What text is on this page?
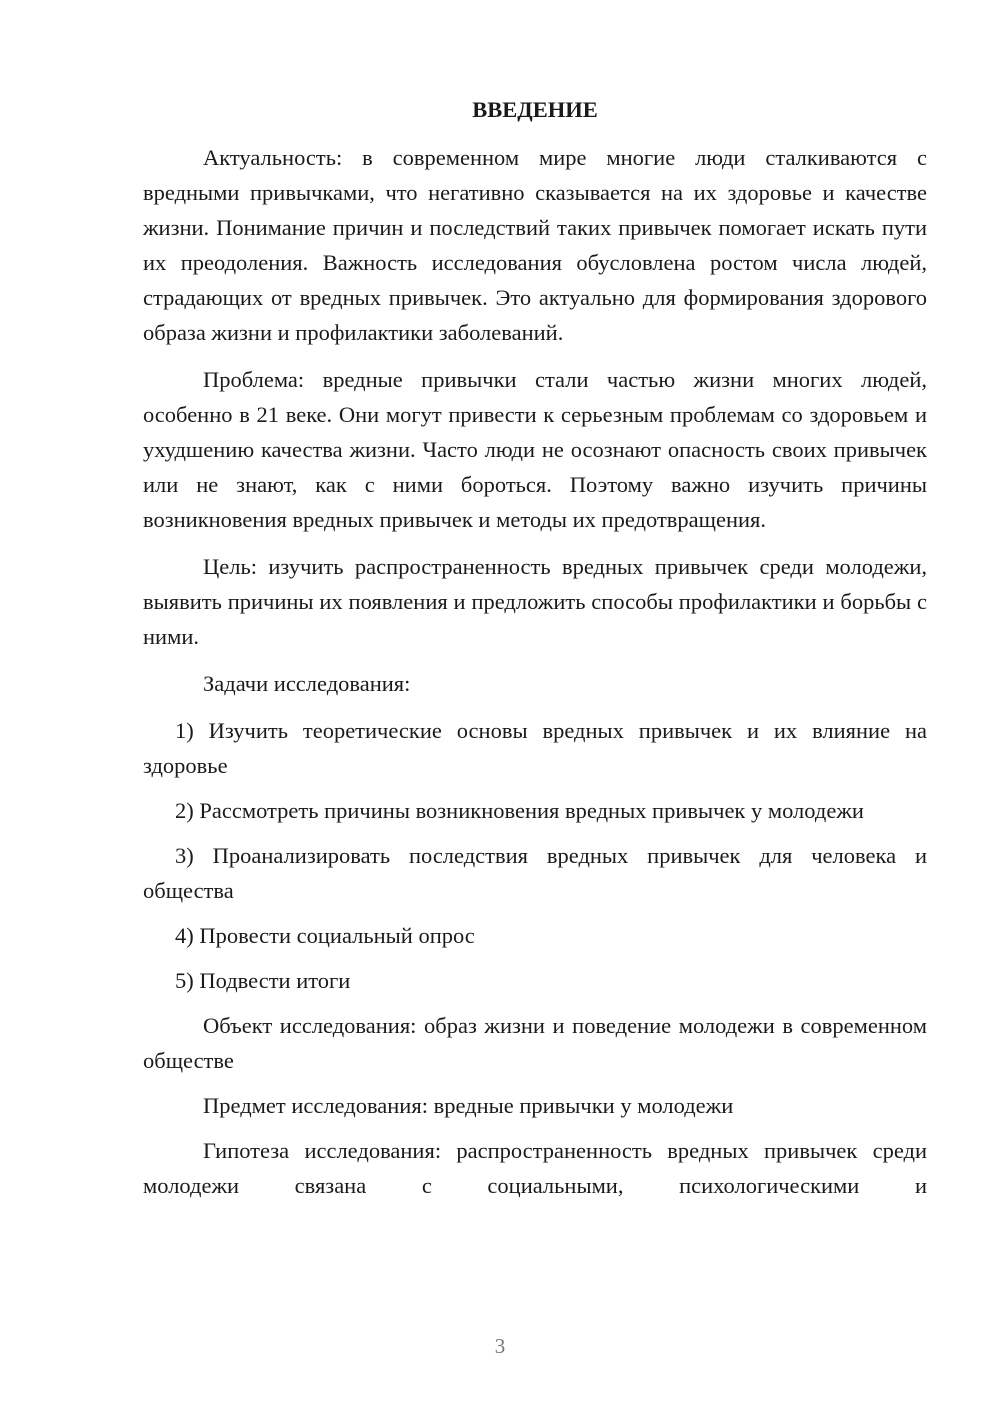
ВВЕДЕНИЕ

Актуальность: в современном мире многие люди сталкиваются с вредными привычками, что негативно сказывается на их здоровье и качестве жизни. Понимание причин и последствий таких привычек помогает искать пути их преодоления. Важность исследования обусловлена ростом числа людей, страдающих от вредных привычек. Это актуально для формирования здорового образа жизни и профилактики заболеваний.

Проблема: вредные привычки стали частью жизни многих людей, особенно в 21 веке. Они могут привести к серьезным проблемам со здоровьем и ухудшению качества жизни. Часто люди не осознают опасность своих привычек или не знают, как с ними бороться. Поэтому важно изучить причины возникновения вредных привычек и методы их предотвращения.

Цель: изучить распространенность вредных привычек среди молодежи, выявить причины их появления и предложить способы профилактики и борьбы с ними.

Задачи исследования:

1) Изучить теоретические основы вредных привычек и их влияние на здоровье

2) Рассмотреть причины возникновения вредных привычек у молодежи

3) Проанализировать последствия вредных привычек для человека и общества

4) Провести социальный опрос

5) Подвести итоги

Объект исследования: образ жизни и поведение молодежи в современном обществе

Предмет исследования: вредные привычки у молодежи

Гипотеза исследования: распространенность вредных привычек среди молодежи связана с социальными, психологическими и

3
